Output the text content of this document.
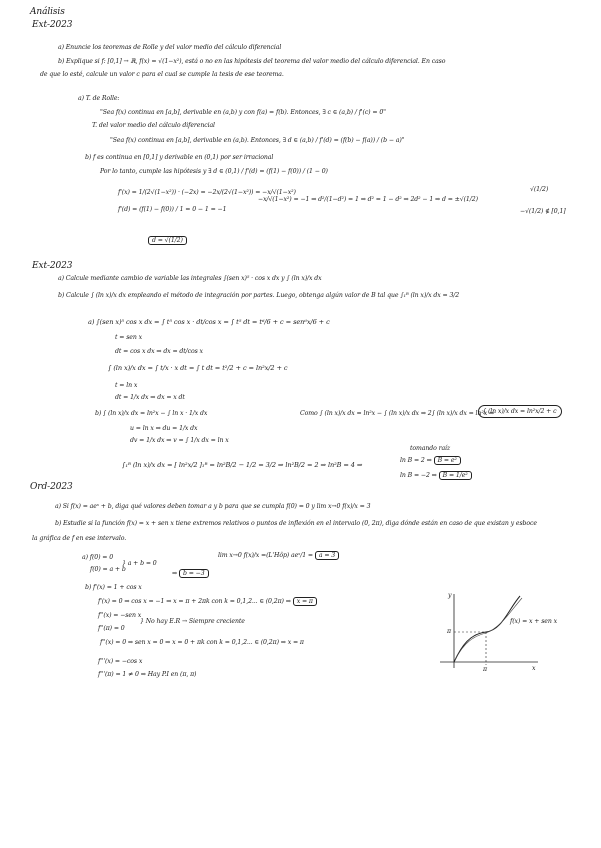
Análisis
Ext-2023
a) Enuncie los teoremas de Rolle y del valor medio del cálculo diferencial
b) Explique si f: [0,1] → ℝ, f(x) = √(1−x²), está o no en las hipótesis del teorema del valor medio del cálculo diferencial. En caso
de que lo esté, calcule un valor c para el cual se cumple la tesis de ese teorema.
a) T. de Rolle:
"Sea f(x) continua en [a,b], derivable en (a,b) y con f(a) = f(b). Entonces, ∃ c ∈ (a,b) / f'(c) = 0"
T. del valor medio del cálculo diferencial
"Sea f(x) continua en [a,b], derivable en (a,b). Entonces, ∃ d ∈ (a,b) / f'(d) = (f(b) − f(a)) / (b − a)"
b) f es continua en [0,1] y derivable en (0,1) por ser irracional
Por lo tanto, cumple las hipótesis y ∃ d ∈ (0,1) / f'(d) = (f(1) − f(0)) / (1 − 0)
f'(x) = 1/(2√(1−x²)) · (−2x) = −2x/(2√(1−x²)) = −x/√(1−x²)
f'(d) = (f(1) − f(0)) / 1 = 0 − 1 = −1
−x/√(1−x²) = −1 ⇒ d²/(1−d²) = 1 ⇒ d² = 1 − d² ⇒ 2d² − 1 ⇒ d = ±√(1/2)
√(1/2)
−√(1/2) ∉ [0,1]
d = √(1/2)
Ext-2023
a) Calcule mediante cambio de variable las integrales ∫(sen x)⁵ · cos x dx y ∫ (ln x)/x dx
b) Calcule ∫ (ln x)/x dx empleando el método de integración por partes. Luego, obtenga algún valor de B tal que ∫₁ᴮ (ln x)/x dx = 3/2
a) ∫(sen x)⁵ cos x dx = ∫ t⁵ cos x · dt/cos x = ∫ t⁵ dt = t⁶/6 + c = sen⁶x/6 + c
t = sen x
dt = cos x dx ⇒ dx = dt/cos x
∫ (ln x)/x dx = ∫ t/x · x dt = ∫ t dt = t²/2 + c = ln²x/2 + c
t = ln x
dt = 1/x dx ⇒ dx = x dt
b) ∫ (ln x)/x dx = ln²x − ∫ ln x · 1/x dx	Como ∫ (ln x)/x dx = ln²x − ∫ (ln x)/x dx ⇒ 2∫ (ln x)/x dx = ln²x ⇒
∫ (ln x)/x dx = ln²x/2 + c
u = ln x ⇒ du = 1/x dx
dv = 1/x dx ⇒ v = ∫ 1/x dx = ln x
∫₁ᴮ (ln x)/x dx = [ ln²x/2 ]₁ᴮ = ln²B/2 − 1/2 = 3/2 ⇒ ln²B/2 = 2 ⇒ ln²B = 4 ⇒
tomando raíz
ln B = 2 ⇒ B = e²
ln B = −2 ⇒ B = 1/e²
Ord-2023
a) Si f(x) = aeˣ + b, diga qué valores deben tomar a y b para que se cumpla f(0) = 0 y lim x→0 f(x)/x = 3
b) Estudie si la función f(x) = x + sen x tiene extremos relativos o puntos de inflexión en el intervalo (0, 2π), diga dónde están en caso de que existan y esboce
la gráfica de f en ese intervalo.
a) f(0) = 0
f(0) = a + b
} a + b = 0
⇒ b = −3
lim x→0 f(x)/x =(L'Hôp) aeˣ/1 = a = 3
b) f'(x) = 1 + cos x
f'(x) = 0 ⇒ cos x = −1 ⇒ x = π + 2πk con k = 0,1,2... ∈ (0,2π) ⇒ x = π
f''(x) = −sen x
} No hay E.R → Siempre creciente
f''(π) = 0
f''(x) = 0 ⇒ sen x = 0 ⇒ x = 0 + πk con k = 0,1,2... ∈ (0,2π) ⇒ x = π
f'''(x) = −cos x
f'''(π) = 1 ≠ 0 ⇒ Hay P.I en (π, π)
y
x
π
π
f(x) = x + sen x
